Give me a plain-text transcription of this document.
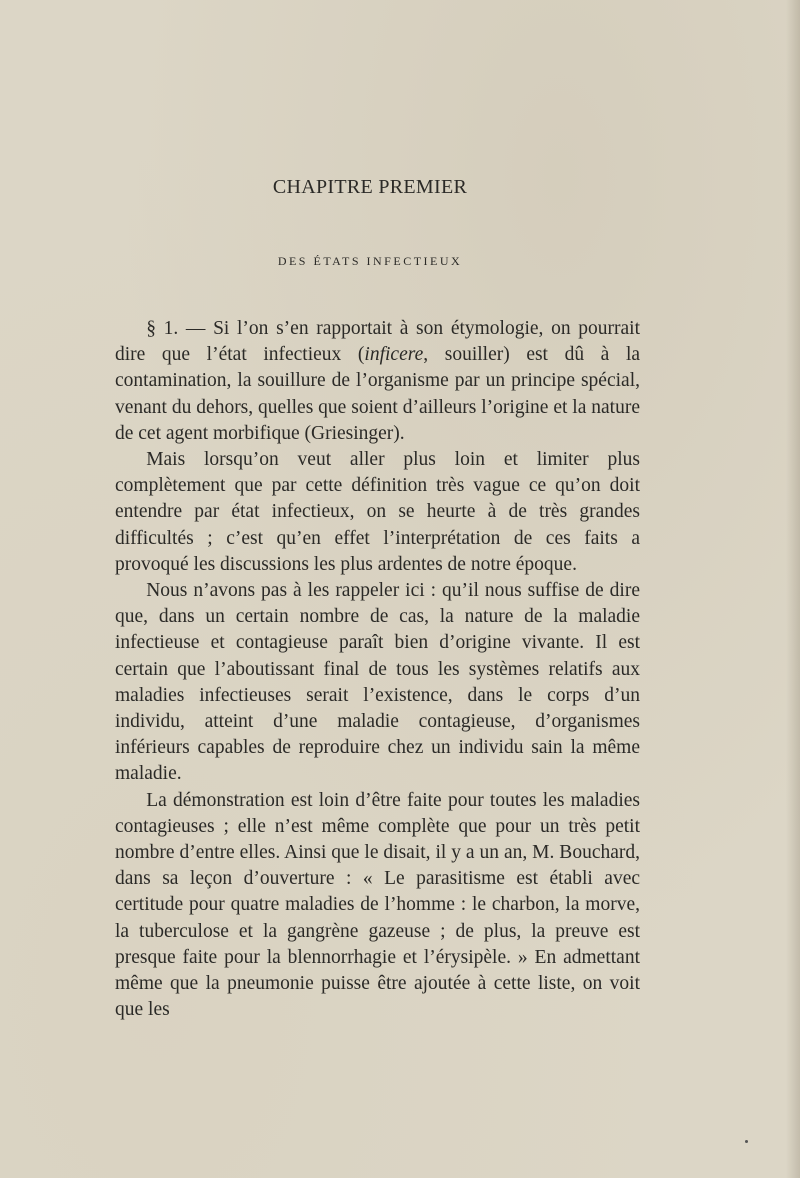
CHAPITRE PREMIER
DES ÉTATS INFECTIEUX

§ 1. — Si l’on s’en rapportait à son étymologie, on pourrait dire que l’état infectieux (inficere, souiller) est dû à la contamination, la souillure de l’organisme par un principe spécial, venant du dehors, quelles que soient d’ailleurs l’origine et la nature de cet agent morbifique (Griesinger).

Mais lorsqu’on veut aller plus loin et limiter plus complètement que par cette définition très vague ce qu’on doit entendre par état infectieux, on se heurte à de très grandes difficultés ; c’est qu’en effet l’interprétation de ces faits a provoqué les discussions les plus ardentes de notre époque.

Nous n’avons pas à les rappeler ici : qu’il nous suffise de dire que, dans un certain nombre de cas, la nature de la maladie infectieuse et contagieuse paraît bien d’origine vivante. Il est certain que l’aboutissant final de tous les systèmes relatifs aux maladies infectieuses serait l’existence, dans le corps d’un individu, atteint d’une maladie contagieuse, d’organismes inférieurs capables de reproduire chez un individu sain la même maladie.

La démonstration est loin d’être faite pour toutes les maladies contagieuses ; elle n’est même complète que pour un très petit nombre d’entre elles. Ainsi que le disait, il y a un an, M. Bouchard, dans sa leçon d’ouverture : « Le parasitisme est établi avec certitude pour quatre maladies de l’homme : le charbon, la morve, la tuberculose et la gangrène gazeuse ; de plus, la preuve est presque faite pour la blennorrhagie et l’érysipèle. » En admettant même que la pneumonie puisse être ajoutée à cette liste, on voit que les
